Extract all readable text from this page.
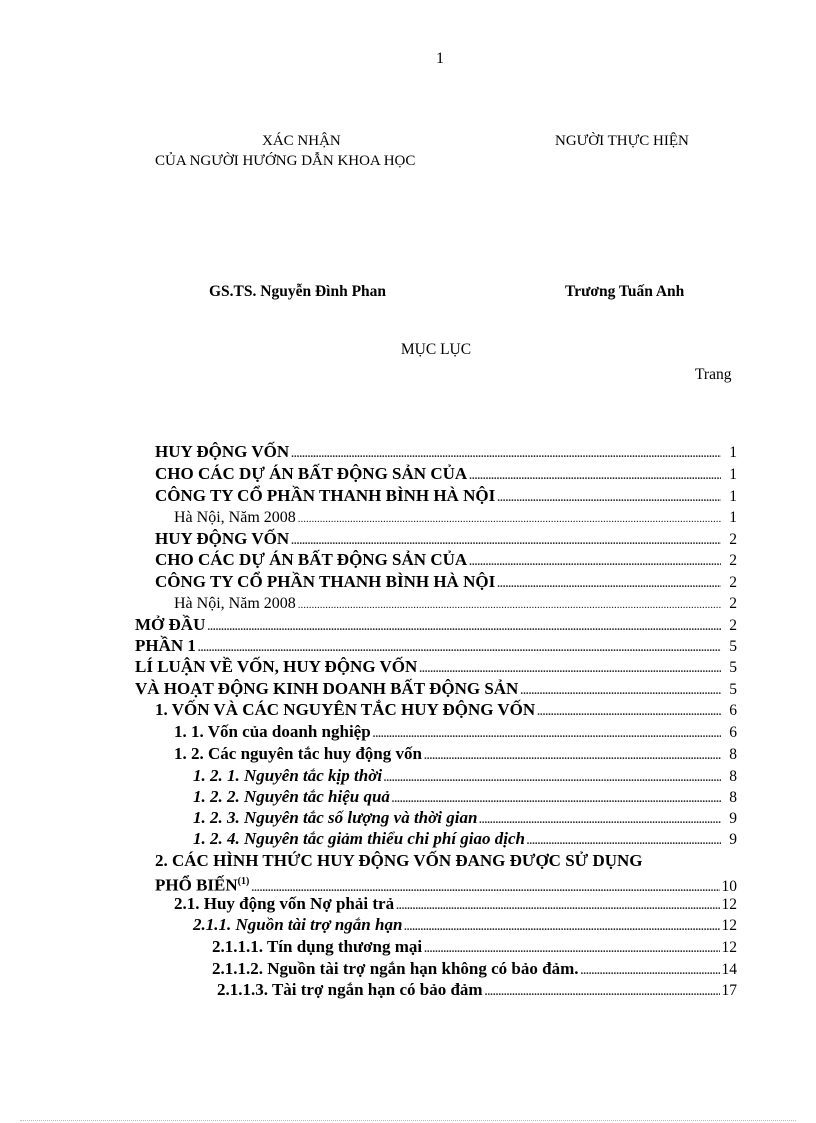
1
XÁC NHẬN
CỦA NGƯỜI HƯỚNG DẪN KHOA HỌC
NGƯỜI THỰC HIỆN
GS.TS. Nguyễn Đình Phan	Trương Tuấn Anh
MỤC LỤC
Trang
HUY ĐỘNG VỐN .....	1
CHO CÁC DỰ ÁN BẤT ĐỘNG SẢN CỦA .....	1
CÔNG TY CỔ PHẦN THANH BÌNH HÀ NỘI .....	1
Hà Nội, Năm 2008 .....	1
HUY ĐỘNG VỐN .....	2
CHO CÁC DỰ ÁN BẤT ĐỘNG SẢN CỦA .....	2
CÔNG TY CỔ PHẦN THANH BÌNH HÀ NỘI .....	2
Hà Nội, Năm 2008 .....	2
MỞ ĐẦU .....	2
PHẦN 1 .....	5
LÍ LUẬN VỀ VỐN, HUY ĐỘNG VỐN .....	5
VÀ HOẠT ĐỘNG KINH DOANH BẤT ĐỘNG SẢN .....	5
1. VỐN VÀ CÁC NGUYÊN TẮC HUY ĐỘNG VỐN .....	6
1. 1. Vốn của doanh nghiệp .....	6
1. 2. Các nguyên tắc huy động vốn .....	8
1. 2. 1. Nguyên tắc kịp thời .....	8
1. 2. 2. Nguyên tắc hiệu quả .....	8
1. 2. 3. Nguyên tắc số lượng và thời gian .....	9
1. 2. 4. Nguyên tắc giảm thiểu chi phí giao dịch .....	9
2. CÁC HÌNH THỨC HUY ĐỘNG VỐN ĐANG ĐƯỢC SỬ DỤNG
PHỔ BIẾN$^{(1)}$ .....	10
2.1. Huy động vốn Nợ phải trả .....	12
2.1.1. Nguồn tài trợ ngắn hạn .....	12
2.1.1.1. Tín dụng thương mại .....	12
2.1.1.2. Nguồn tài trợ ngắn hạn không có bảo đảm. .....	14
2.1.1.3. Tài trợ ngắn hạn có bảo đảm .....	17
